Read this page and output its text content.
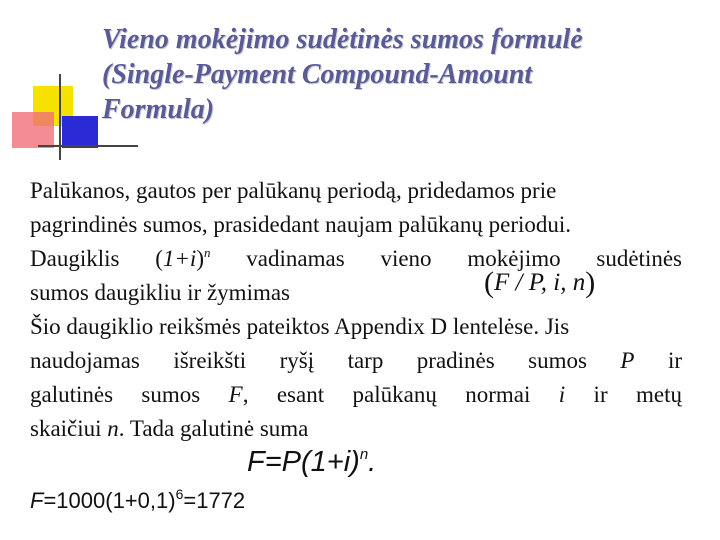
Vieno mokėjimo sudėtinės sumos formulė
(Single-Payment Compound-Amount
Formula)
Palūkanos, gautos per palūkanų periodą, pridedamos prie
pagrindinės sumos, prasidedant naujam palūkanų periodui.
Daugiklis $(1+i)^n$ vadinamas vieno mokėjimo sudėtinės
sumos daugikliu ir žymimas
Šio daugiklio reikšmės pateiktos Appendix D lentelėse. Jis
naudojamas išreikšti ryšį tarp pradinės sumos P ir
galutinės sumos F, esant palūkanų normai i ir metų
skaičiui n. Tada galutinė suma
(F / P, i, n)
$F=P(1+i)^n$.
$F=1000(1+0,1)^6=1772$
